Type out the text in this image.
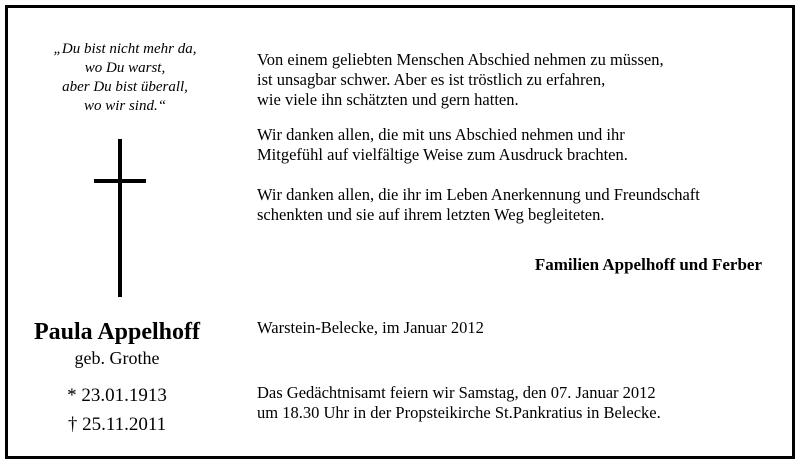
„Du bist nicht mehr da,
wo Du warst,
aber Du bist überall,
wo wir sind.“
Paula Appelhoff
geb. Grothe
* 23.01.1913
† 25.11.2011
Von einem geliebten Menschen Abschied nehmen zu müssen,
ist unsagbar schwer. Aber es ist tröstlich zu erfahren,
wie viele ihn schätzten und gern hatten.
Wir danken allen, die mit uns Abschied nehmen und ihr
Mitgefühl auf vielfältige Weise zum Ausdruck brachten.
Wir danken allen, die ihr im Leben Anerkennung und Freundschaft
schenkten und sie auf ihrem letzten Weg begleiteten.
Familien Appelhoff und Ferber
Warstein-Belecke, im Januar 2012
Das Gedächtnisamt feiern wir Samstag, den 07. Januar 2012
um 18.30 Uhr in der Propsteikirche St.Pankratius in Belecke.
